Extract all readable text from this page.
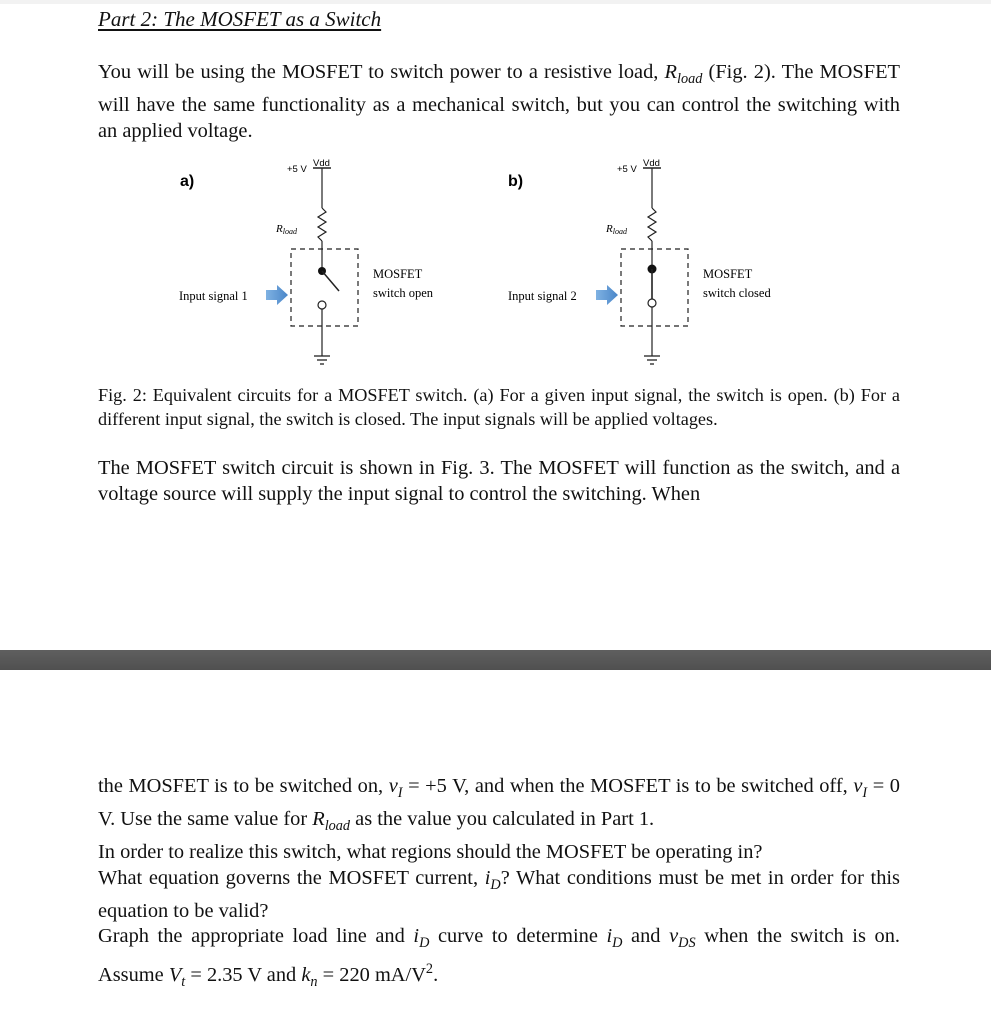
Part 2: The MOSFET as a Switch

You will be using the MOSFET to switch power to a resistive load, $R_{load}$ (Fig. 2). The MOSFET will have the same functionality as a mechanical switch, but you can control the switching with an applied voltage.

a)
+5 V
Vdd
Rload
Input signal 1
MOSFET
switch open
b)
+5 V
Vdd
Rload
Input signal 2
MOSFET
switch closed

Fig. 2: Equivalent circuits for a MOSFET switch. (a) For a given input signal, the switch is open. (b) For a different input signal, the switch is closed. The input signals will be applied voltages.

The MOSFET switch circuit is shown in Fig. 3. The MOSFET will function as the switch, and a voltage source will supply the input signal to control the switching. When

the MOSFET is to be switched on, $v_I = +5$ V, and when the MOSFET is to be switched off, $v_I = 0$ V. Use the same value for $R_{load}$ as the value you calculated in Part 1.

In order to realize this switch, what regions should the MOSFET be operating in?
What equation governs the MOSFET current, $i_D$? What conditions must be met in order for this equation to be valid?
Graph the appropriate load line and $i_D$ curve to determine $i_D$ and $v_{DS}$ when the switch is on. Assume $V_t = 2.35$ V and $k_n = 220$ $mA/V^2$.
